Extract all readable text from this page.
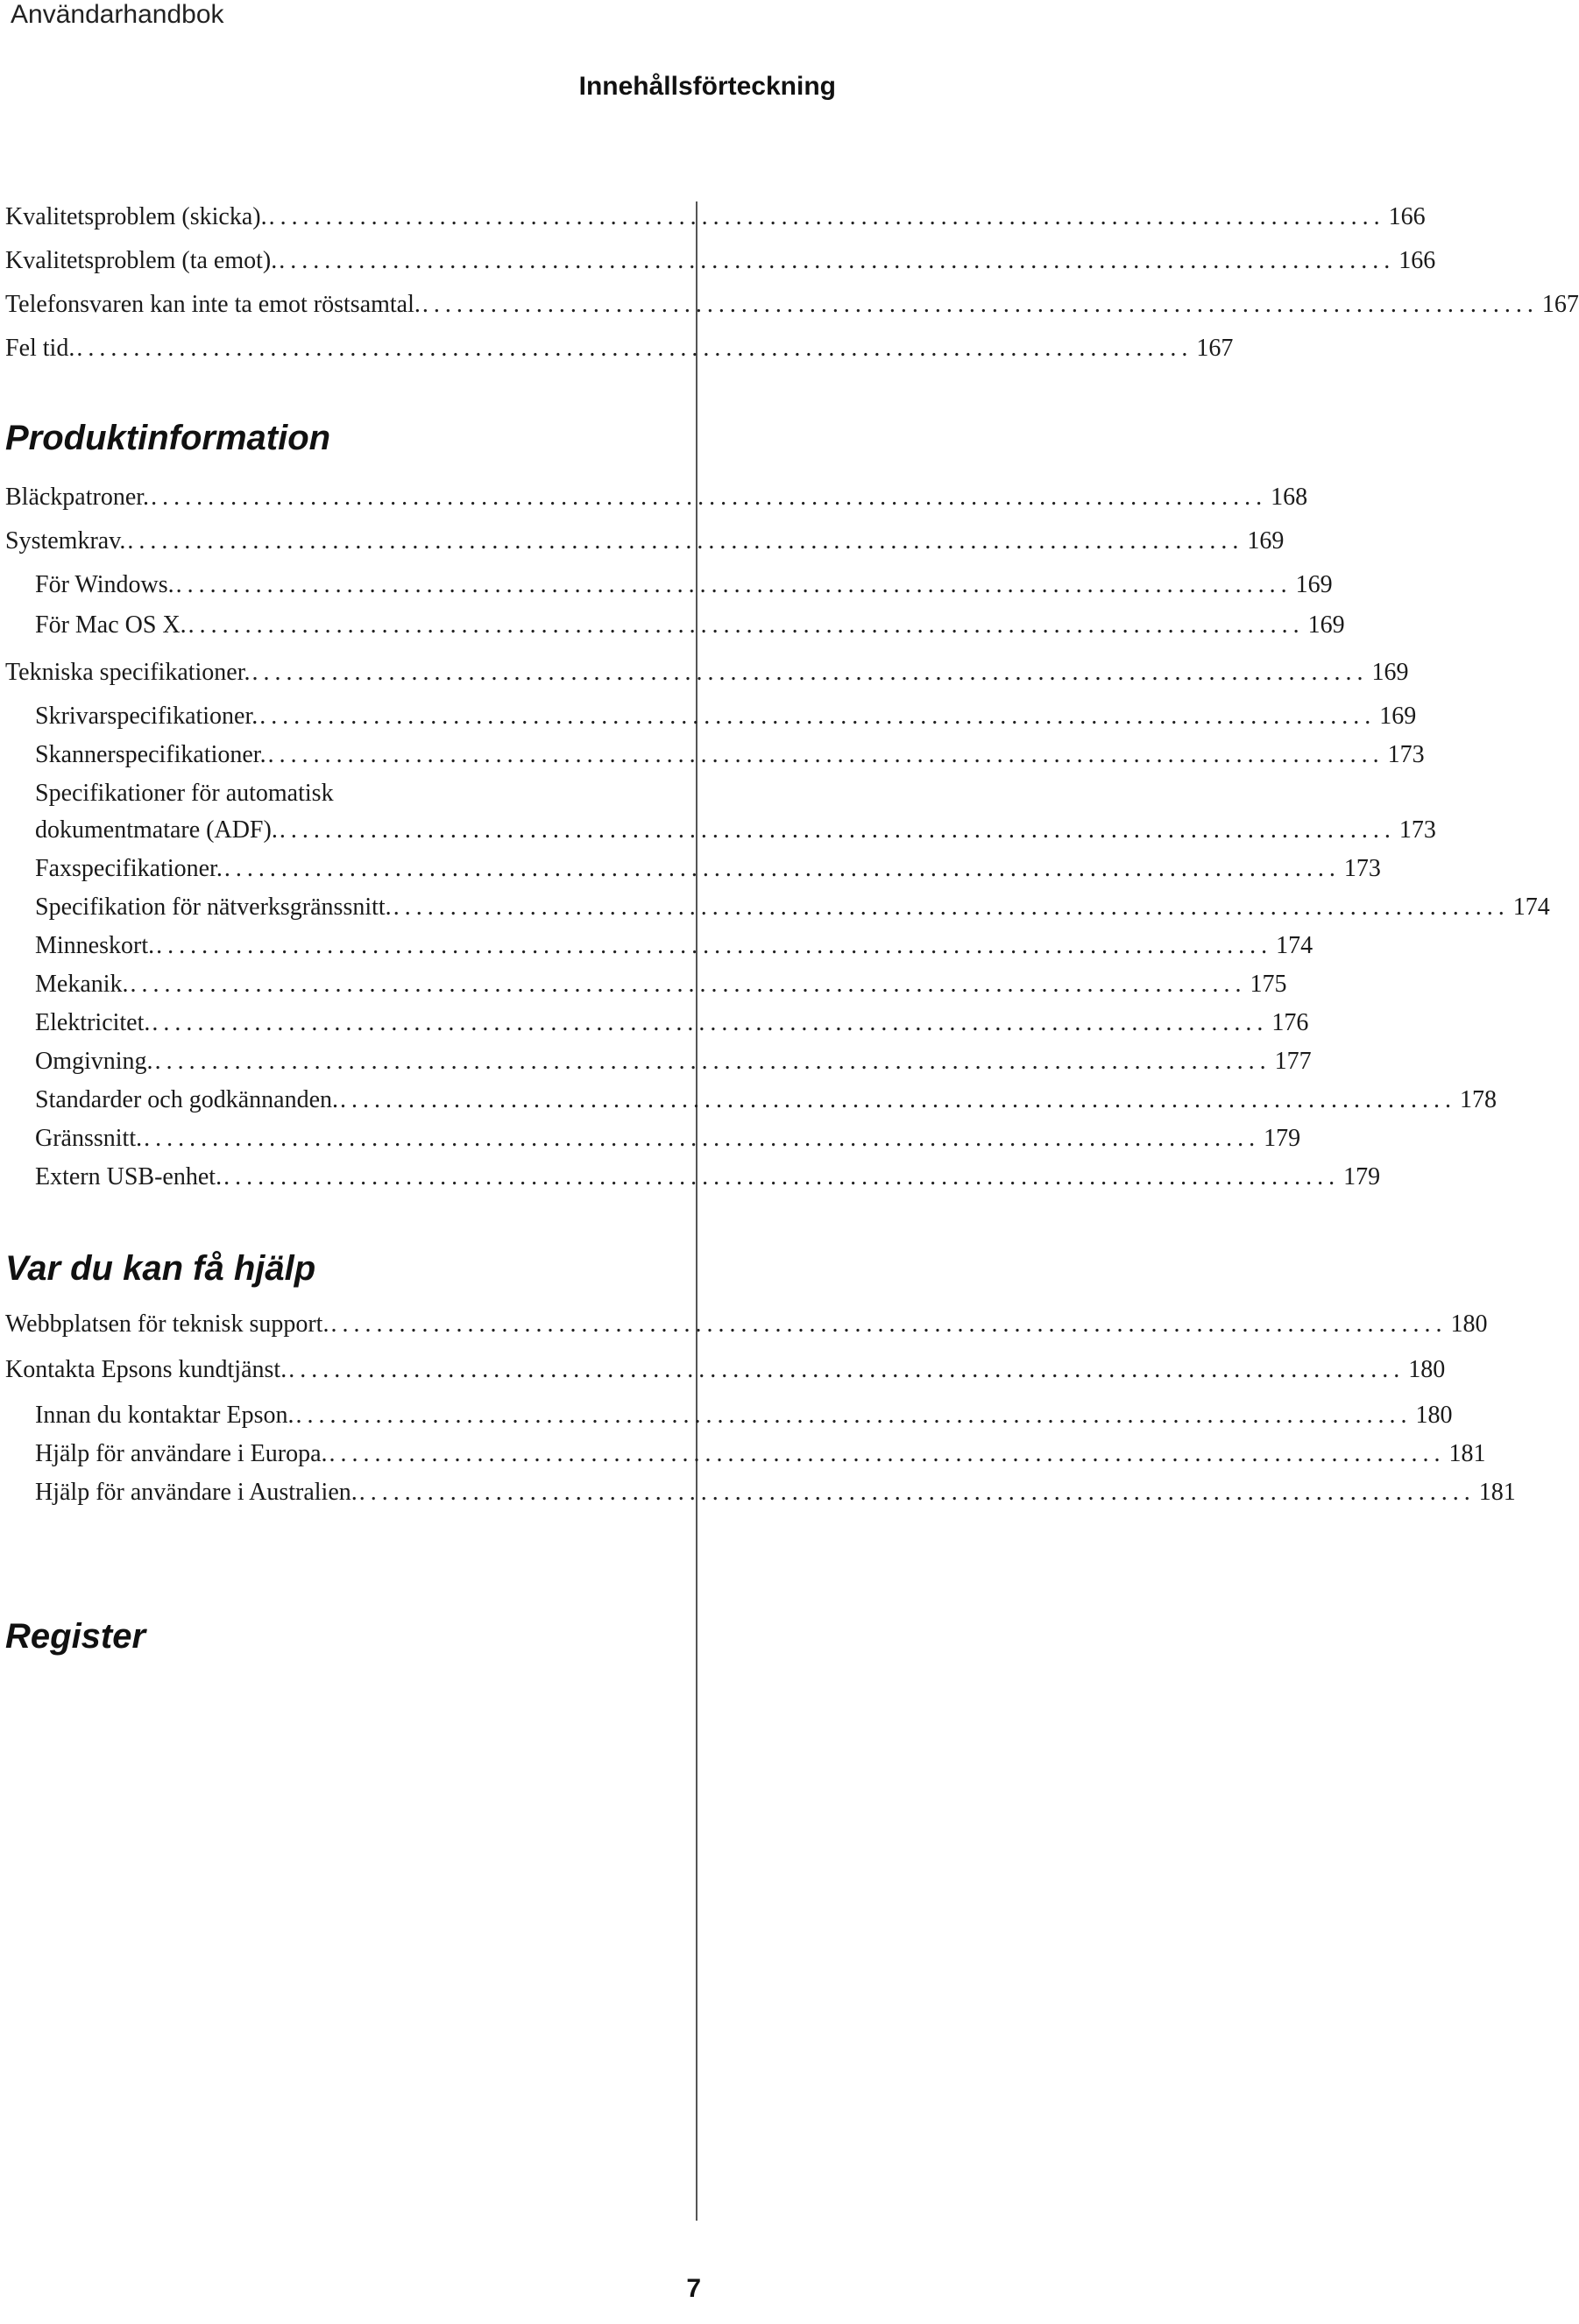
Användarhandbok
Innehållsförteckning
Kvalitetsproblem (skicka). .................................................................................................. 166
Kvalitetsproblem (ta emot). .................................................................................................. 166
Telefonsvaren kan inte ta emot röstsamtal. .................................................................................................. 167
Fel tid. .................................................................................................. 167
Produktinformation
Bläckpatroner. .................................................................................................. 168
Systemkrav. .................................................................................................. 169
För Windows. .................................................................................................. 169
För Mac OS X. .................................................................................................. 169
Tekniska specifikationer. .................................................................................................. 169
Skrivarspecifikationer. .................................................................................................. 169
Skannerspecifikationer. .................................................................................................. 173
Specifikationer för automatisk
dokumentmatare (ADF). .................................................................................................. 173
Faxspecifikationer. .................................................................................................. 173
Specifikation för nätverksgränssnitt. .................................................................................................. 174
Minneskort. .................................................................................................. 174
Mekanik. .................................................................................................. 175
Elektricitet. .................................................................................................. 176
Omgivning. .................................................................................................. 177
Standarder och godkännanden. .................................................................................................. 178
Gränssnitt. .................................................................................................. 179
Extern USB-enhet. .................................................................................................. 179
Var du kan få hjälp
Webbplatsen för teknisk support. .................................................................................................. 180
Kontakta Epsons kundtjänst. .................................................................................................. 180
Innan du kontaktar Epson. .................................................................................................. 180
Hjälp för användare i Europa. .................................................................................................. 181
Hjälp för användare i Australien. .................................................................................................. 181
Register
7
